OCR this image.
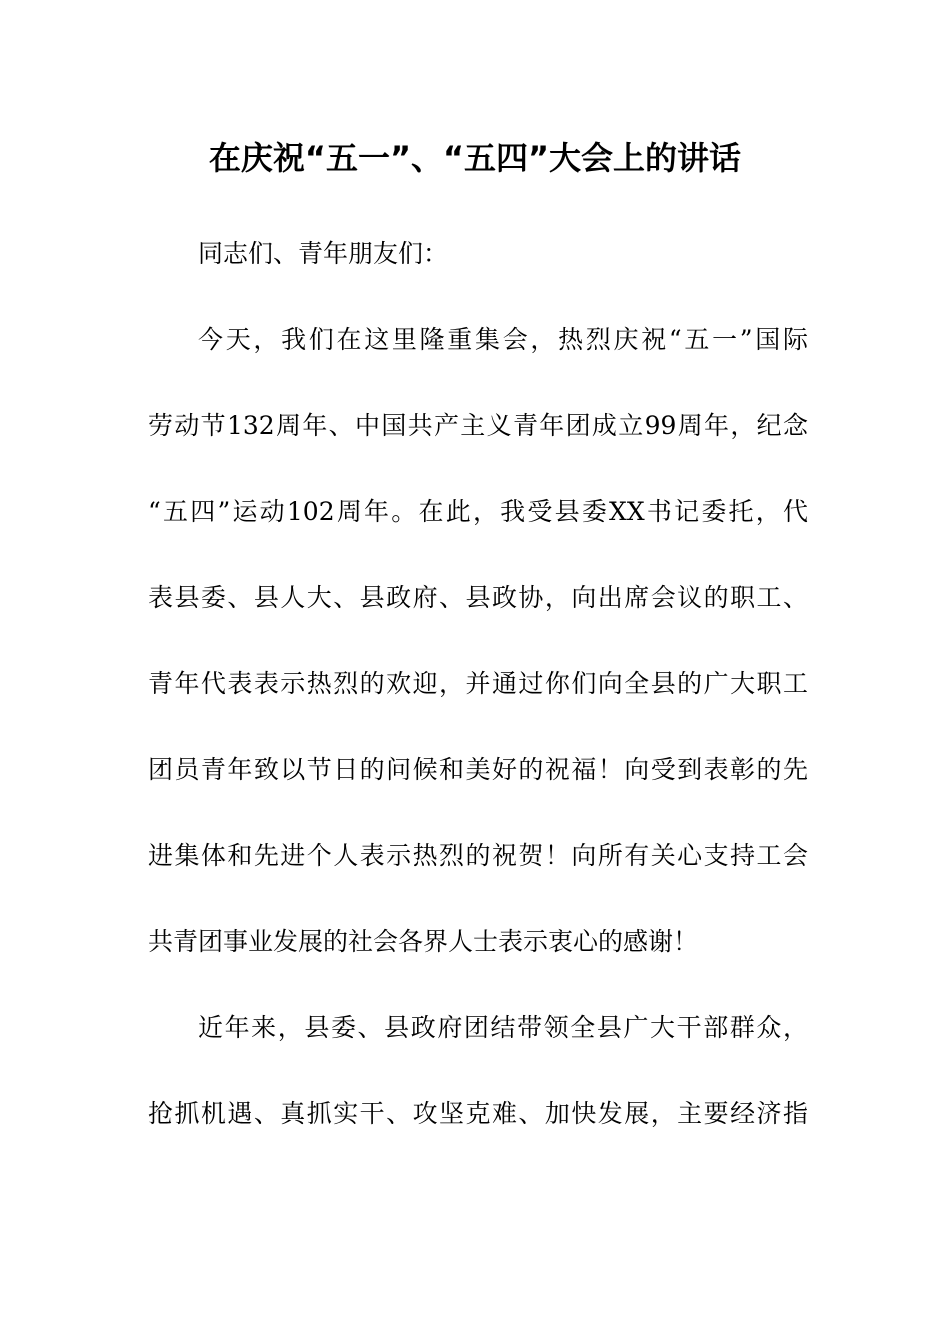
在庆祝“五一”、“五四”大会上的讲话
同志们、青年朋友们：
今天，我们在这里隆重集会，热烈庆祝“五一”国际
劳动节132周年、中国共产主义青年团成立99周年，纪念
“五四”运动102周年。在此，我受县委XX书记委托，代
表县委、县人大、县政府、县政协，向出席会议的职工、
青年代表表示热烈的欢迎，并通过你们向全县的广大职工
团员青年致以节日的问候和美好的祝福！向受到表彰的先
进集体和先进个人表示热烈的祝贺！向所有关心支持工会
共青团事业发展的社会各界人士表示衷心的感谢！
近年来，县委、县政府团结带领全县广大干部群众，
抢抓机遇、真抓实干、攻坚克难、加快发展，主要经济指
